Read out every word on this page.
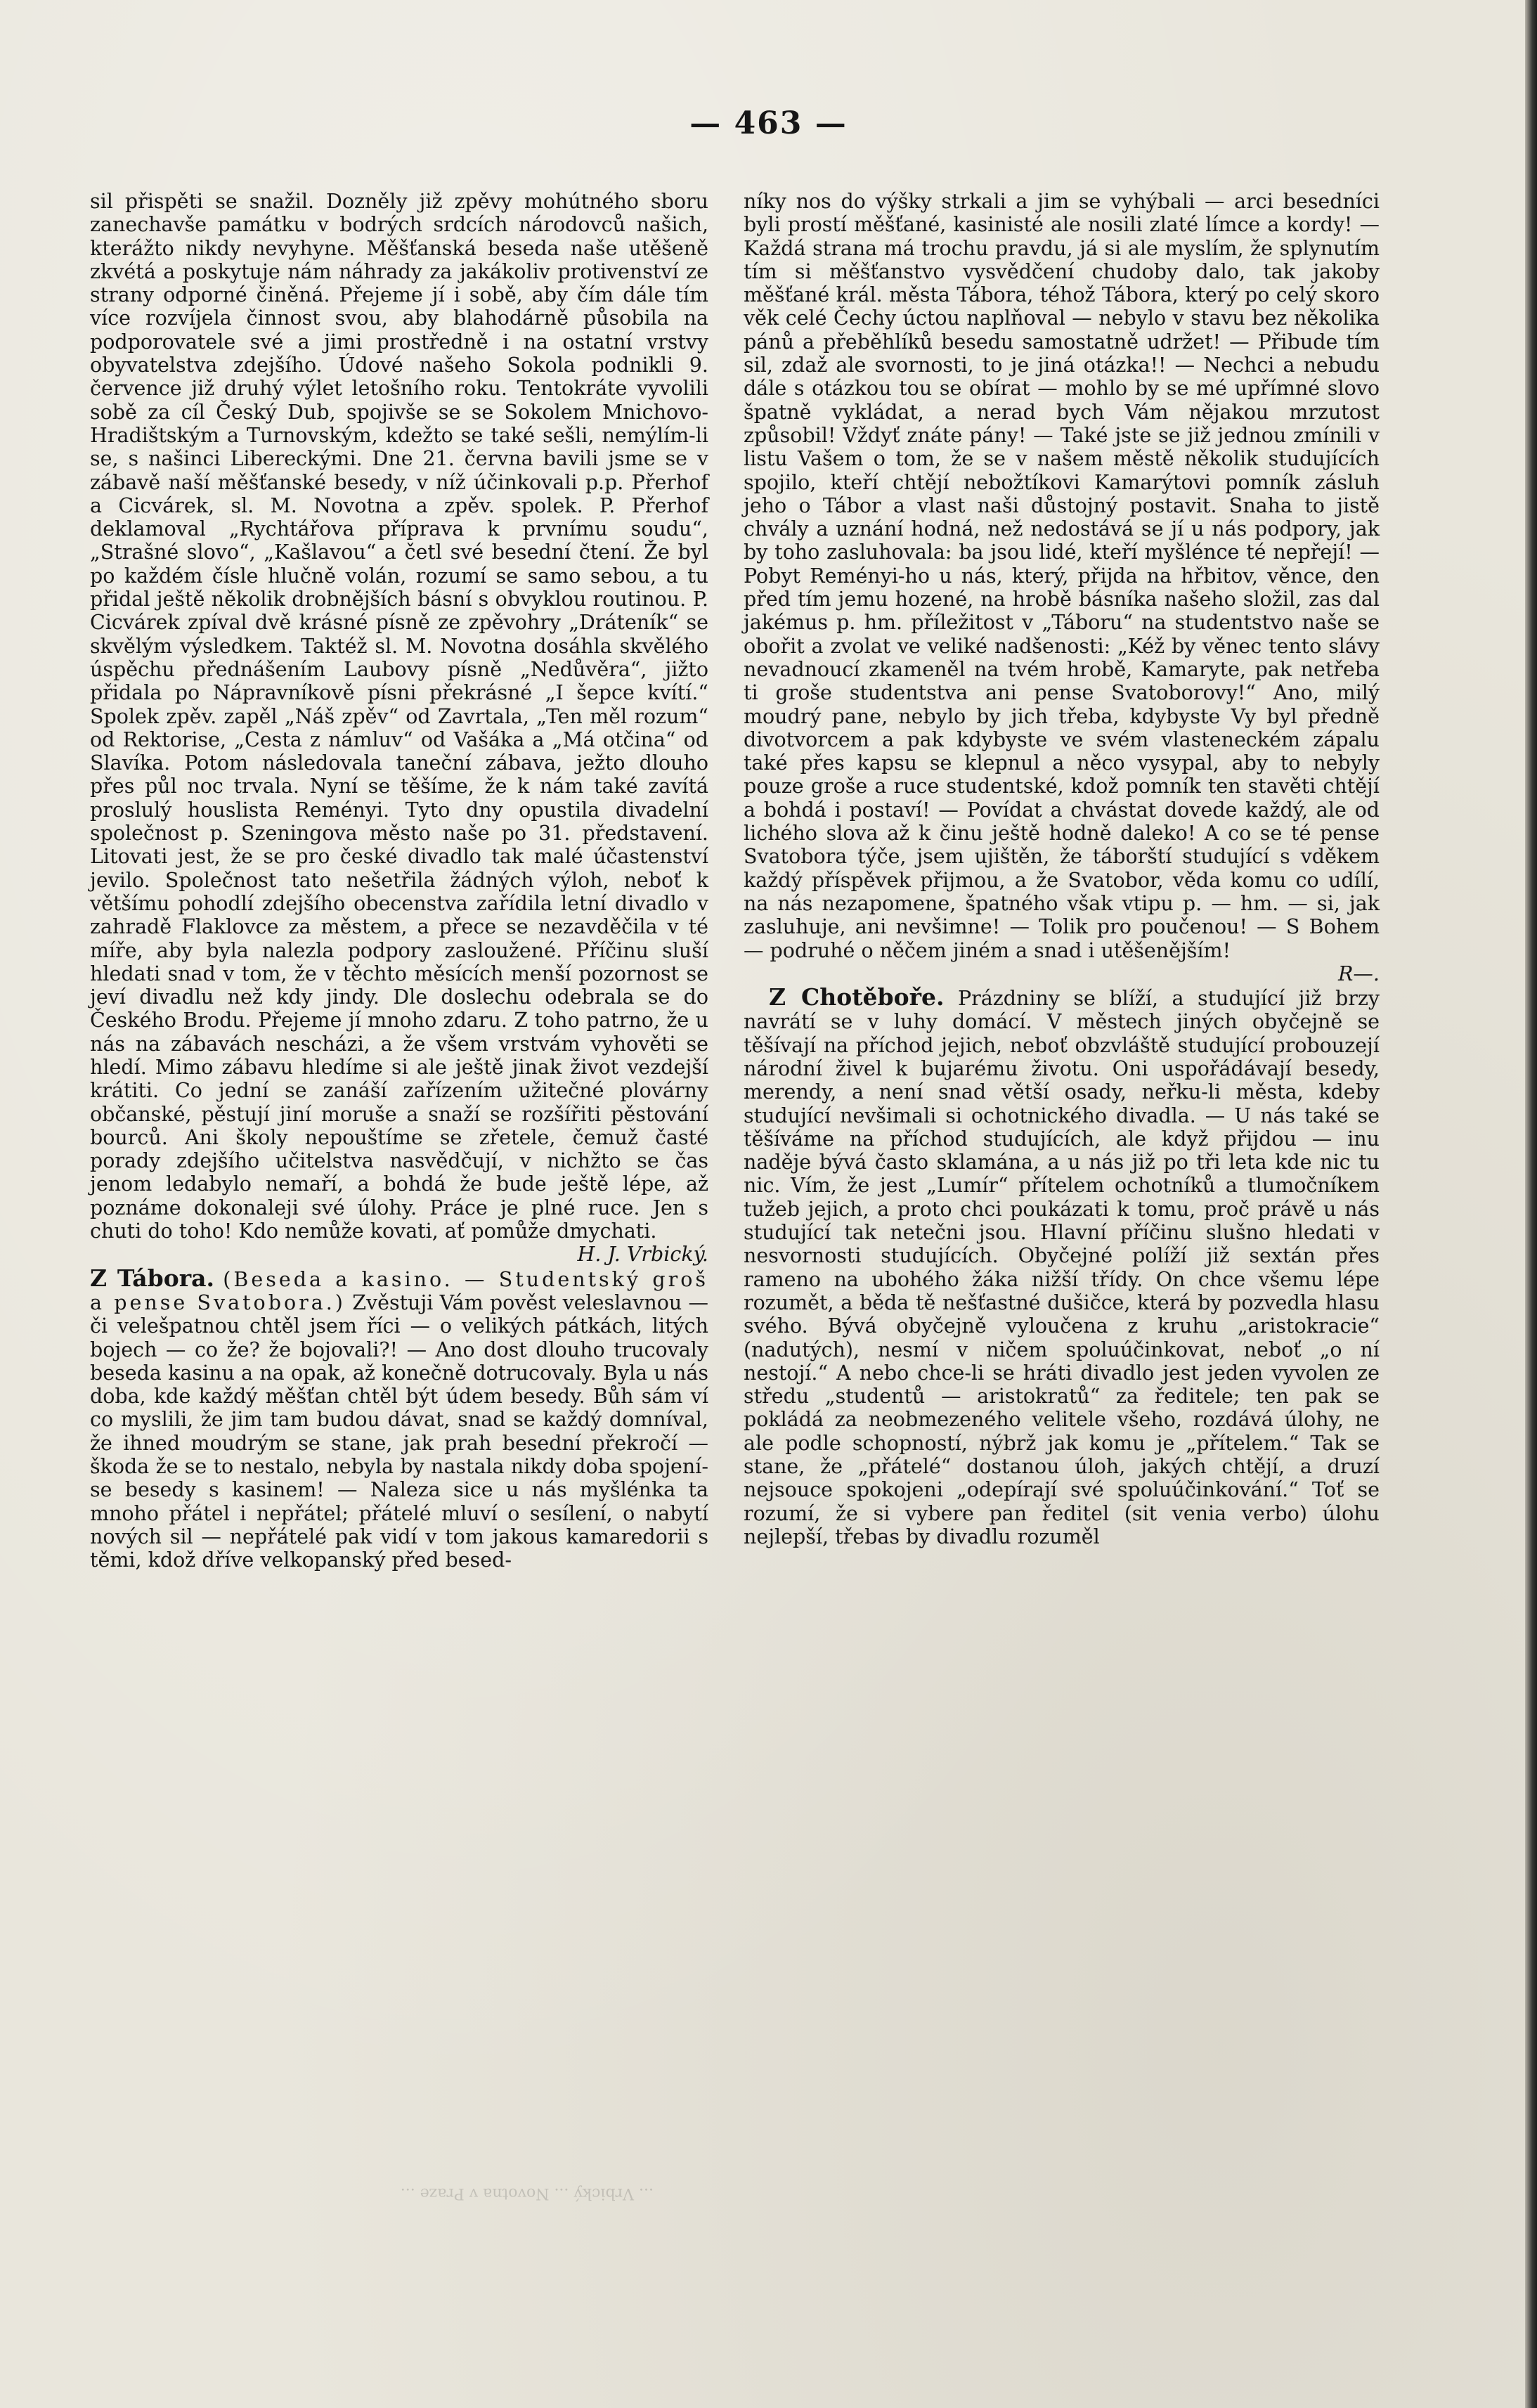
— 463 —

sil přispěti se snažil. Dozněly již zpěvy mohútného sboru zanechavše památku v bodrých srdcích národovců našich, kterážto nikdy nevyhyne. Měšťanská beseda naše utěšeně zkvétá a poskytuje nám náhrady za jakákoliv protivenství ze strany odporné činěná. Přejeme jí i sobě, aby čím dále tím více rozvíjela činnost svou, aby blahodárně působila na podporovatele své a jimi prostředně i na ostatní vrstvy obyvatelstva zdejšího. Údové našeho Sokola podnikli 9. července již druhý výlet letošního roku. Tentokráte vyvolili sobě za cíl Český Dub, spojivše se se Sokolem Mnichovo-Hradištským a Turnovským, kdežto se také sešli, nemýlím-li se, s našinci Libereckými. Dne 21. června bavili jsme se v zábavě naší měšťanské besedy, v níž účinkovali p.p. Přerhof a Cicvárek, sl. M. Novotna a zpěv. spolek. P. Přerhof deklamoval „Rychtářova příprava k prvnímu soudu“, „Strašné slovo“, „Kašlavou“ a četl své besední čtení. Že byl po každém čísle hlučně volán, rozumí se samo sebou, a tu přidal ještě několik drobnějších básní s obvyklou routinou. P. Cicvárek zpíval dvě krásné písně ze zpěvohry „Dráteník“ se skvělým výsledkem. Taktéž sl. M. Novotna dosáhla skvělého úspěchu přednášením Laubovy písně „Nedůvěra“, jižto přidala po Nápravníkově písni překrásné „I šepce kvítí.“ Spolek zpěv. zapěl „Náš zpěv“ od Zavrtala, „Ten měl rozum“ od Rektorise, „Cesta z námluv“ od Vašáka a „Má otčina“ od Slavíka. Potom následovala taneční zábava, ježto dlouho přes půl noc trvala. Nyní se těšíme, že k nám také zavítá proslulý houslista Reményi. Tyto dny opustila divadelní společnost p. Szeningova město naše po 31. představení. Litovati jest, že se pro české divadlo tak malé účastenství jevilo. Společnost tato nešetřila žádných výloh, neboť k většímu pohodlí zdejšího obecenstva zařídila letní divadlo v zahradě Flaklovce za městem, a přece se nezavděčila v té míře, aby byla nalezla podpory zasloužené. Příčinu sluší hledati snad v tom, že v těchto měsících menší pozornost se jeví divadlu než kdy jindy. Dle doslechu odebrala se do Českého Brodu. Přejeme jí mnoho zdaru. Z toho patrno, že u nás na zábavách nescházi, a že všem vrstvám vyhověti se hledí. Mimo zábavu hledíme si ale ještě jinak život vezdejší krátiti. Co jední se zanáší zařízením užitečné plovárny občanské, pěstují jiní moruše a snaží se rozšířiti pěstování bourců. Ani školy nepouštíme se zřetele, čemuž časté porady zdejšího učitelstva nasvědčují, v nichžto se čas jenom ledabylo nemaří, a bohdá že bude ještě lépe, až poznáme dokonaleji své úlohy. Práce je plné ruce. Jen s chuti do toho! Kdo nemůže kovati, ať pomůže dmychati.

H. J. Vrbický.

Z Tábora. (Beseda a kasino. — Studentský groš a pense Svatobora.) Zvěstuji Vám pověst veleslavnou — či velešpatnou chtěl jsem říci — o velikých pátkách, litých bojech — co že? že bojovali?! — Ano dost dlouho trucovaly beseda kasinu a na opak, až konečně dotrucovaly. Byla u nás doba, kde každý měšťan chtěl být údem besedy. Bůh sám ví co myslili, že jim tam budou dávat, snad se každý domníval, že ihned moudrým se stane, jak prah besední překročí — škoda že se to nestalo, nebyla by nastala nikdy doba spojení-se besedy s kasinem! — Naleza sice u nás myšlénka ta mnoho přátel i nepřátel; přátelé mluví o sesílení, o nabytí nových sil — nepřátelé pak vidí v tom jakous kamaredorii s těmi, kdož dříve velkopanský před besed-

níky nos do výšky strkali a jim se vyhýbali — arci besedníci byli prostí měšťané, kasinisté ale nosili zlaté límce a kordy! — Každá strana má trochu pravdu, já si ale myslím, že splynutím tím si měšťanstvo vysvědčení chudoby dalo, tak jakoby měšťané král. města Tábora, téhož Tábora, který po celý skoro věk celé Čechy úctou naplňoval — nebylo v stavu bez několika pánů a přeběhlíků besedu samostatně udržet! — Přibude tím sil, zdaž ale svornosti, to je jiná otázka!! — Nechci a nebudu dále s otázkou tou se obírat — mohlo by se mé upřímné slovo špatně vykládat, a nerad bych Vám nějakou mrzutost způsobil! Vždyť znáte pány! — Také jste se již jednou zmínili v listu Vašem o tom, že se v našem městě několik studujících spojilo, kteří chtějí nebožtíkovi Kamarýtovi pomník zásluh jeho o Tábor a vlast naši důstojný postavit. Snaha to jistě chvály a uznání hodná, než nedostává se jí u nás podpory, jak by toho zasluhovala: ba jsou lidé, kteří myšlénce té nepřejí! — Pobyt Reményi-ho u nás, který, přijda na hřbitov, věnce, den před tím jemu hozené, na hrobě básníka našeho složil, zas dal jakémus p. hm. příležitost v „Táboru“ na studentstvo naše se obořit a zvolat ve veliké nadšenosti: „Kéž by věnec tento slávy nevadnoucí zkameněl na tvém hrobě, Kamaryte, pak netřeba ti groše studentstva ani pense Svatoborovy!“ Ano, milý moudrý pane, nebylo by jich třeba, kdybyste Vy byl předně divotvorcem a pak kdybyste ve svém vlasteneckém zápalu také přes kapsu se klepnul a něco vysypal, aby to nebyly pouze groše a ruce studentské, kdož pomník ten stavěti chtějí a bohdá i postaví! — Povídat a chvástat dovede každý, ale od lichého slova až k činu ještě hodně daleko! A co se té pense Svatobora týče, jsem ujištěn, že táborští studující s vděkem každý příspěvek přijmou, a že Svatobor, věda komu co udílí, na nás nezapomene, špatného však vtipu p. — hm. — si, jak zasluhuje, ani nevšimne! — Tolik pro poučenou! — S Bohem — podruhé o něčem jiném a snad i utěšenějším!

R—.

Z Chotěboře. Prázdniny se blíží, a studující již brzy navrátí se v luhy domácí. V městech jiných obyčejně se těšívají na příchod jejich, neboť obzvláště studující probouzejí národní živel k bujarému životu. Oni uspořádávají besedy, merendy, a není snad větší osady, neřku-li města, kdeby studující nevšimali si ochotnického divadla. — U nás také se těšíváme na příchod studujících, ale když přijdou — inu naděje bývá často sklamána, a u nás již po tři leta kde nic tu nic. Vím, že jest „Lumír“ přítelem ochotníků a tlumočníkem tužeb jejich, a proto chci poukázati k tomu, proč právě u nás studující tak netečni jsou. Hlavní příčinu slušno hledati v nesvornosti studujících. Obyčejné políží již sextán přes rameno na ubohého žáka nižší třídy. On chce všemu lépe rozumět, a běda tě nešťastné dušičce, která by pozvedla hlasu svého. Bývá obyčejně vyloučena z kruhu „aristokracie“ (nadutých), nesmí v ničem spoluúčinkovat, neboť „o ní nestojí.“ A nebo chce-li se hráti divadlo jest jeden vyvolen ze středu „studentů — aristokratů“ za ředitele; ten pak se pokládá za neobmezeného velitele všeho, rozdává úlohy, ne ale podle schopností, nýbrž jak komu je „přítelem.“ Tak se stane, že „přátelé“ dostanou úloh, jakých chtějí, a druzí nejsouce spokojeni „odepírají své spoluúčinkování.“ Toť se rozumí, že si vybere pan ředitel (sit venia verbo) úlohu nejlepší, třebas by divadlu rozuměl

... Vrbický ... Novotna v Praze ...
